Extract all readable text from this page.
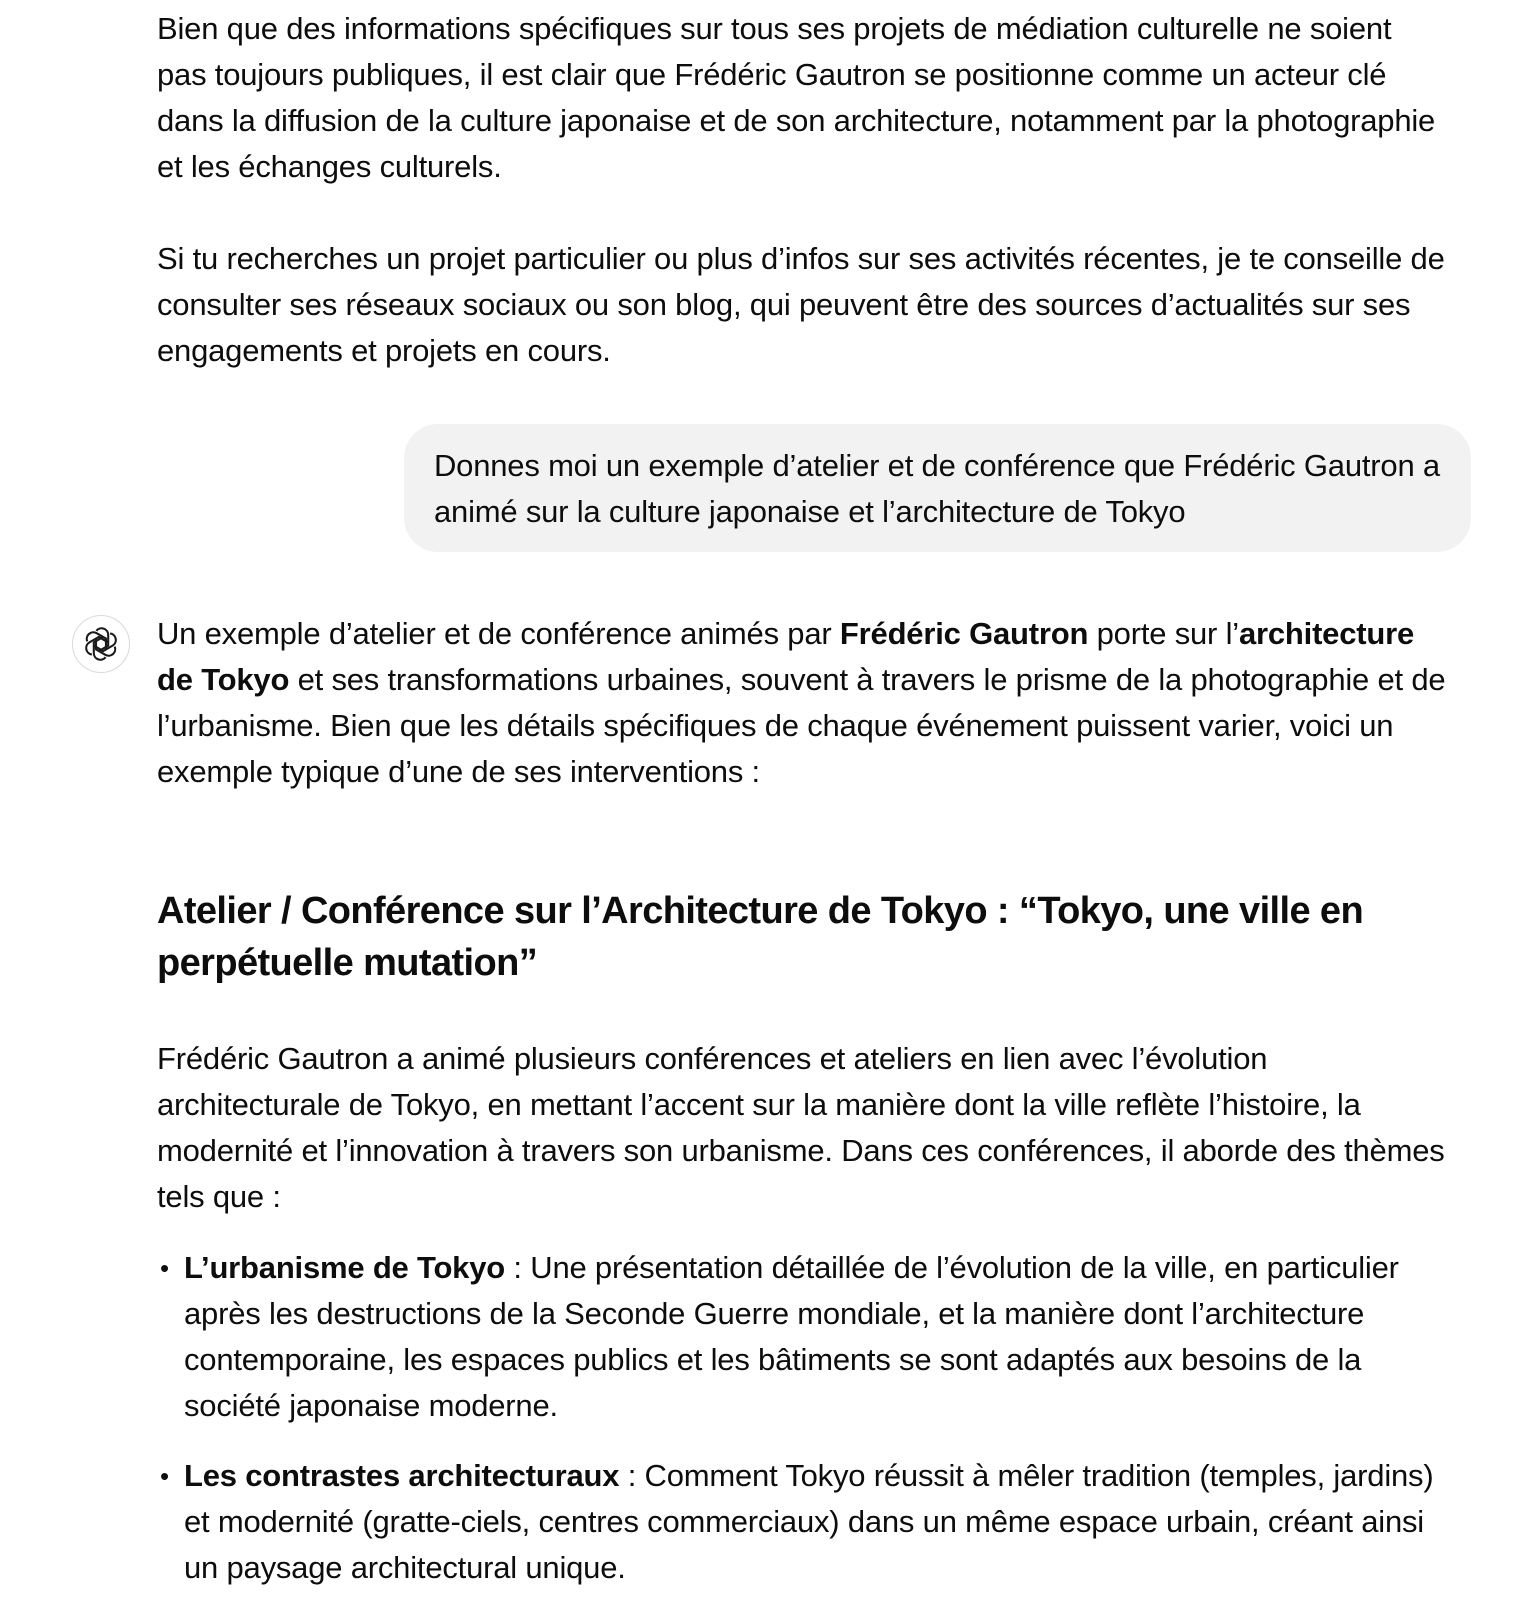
Bien que des informations spécifiques sur tous ses projets de médiation culturelle ne soient pas toujours publiques, il est clair que Frédéric Gautron se positionne comme un acteur clé dans la diffusion de la culture japonaise et de son architecture, notamment par la photographie et les échanges culturels.

Si tu recherches un projet particulier ou plus d’infos sur ses activités récentes, je te conseille de consulter ses réseaux sociaux ou son blog, qui peuvent être des sources d’actualités sur ses engagements et projets en cours.

Donnes moi un exemple d’atelier et de conférence que Frédéric Gautron a animé sur la culture japonaise et l’architecture de Tokyo

Un exemple d’atelier et de conférence animés par Frédéric Gautron porte sur l’architecture de Tokyo et ses transformations urbaines, souvent à travers le prisme de la photographie et de l’urbanisme. Bien que les détails spécifiques de chaque événement puissent varier, voici un exemple typique d’une de ses interventions :

Atelier / Conférence sur l’Architecture de Tokyo : “Tokyo, une ville en perpétuelle mutation”

Frédéric Gautron a animé plusieurs conférences et ateliers en lien avec l’évolution architecturale de Tokyo, en mettant l’accent sur la manière dont la ville reflète l’histoire, la modernité et l’innovation à travers son urbanisme. Dans ces conférences, il aborde des thèmes tels que :

• L’urbanisme de Tokyo : Une présentation détaillée de l’évolution de la ville, en particulier après les destructions de la Seconde Guerre mondiale, et la manière dont l’architecture contemporaine, les espaces publics et les bâtiments se sont adaptés aux besoins de la société japonaise moderne.
• Les contrastes architecturaux : Comment Tokyo réussit à mêler tradition (temples, jardins) et modernité (gratte-ciels, centres commerciaux) dans un même espace urbain, créant ainsi un paysage architectural unique.
